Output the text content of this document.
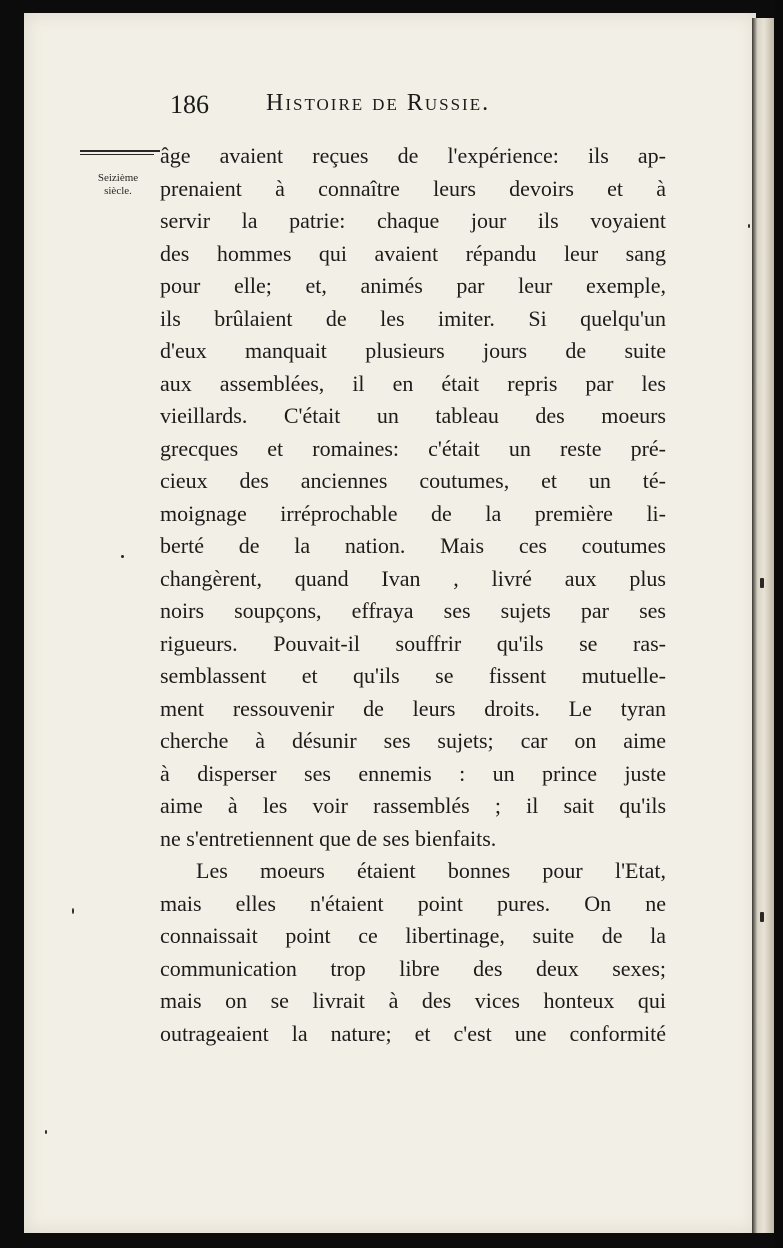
186 Histoire de Russie.
Seizième
siècle.
âge avaient reçues de l'expérience: ils ap-
prenaient à connaître leurs devoirs et à
servir la patrie: chaque jour ils voyaient
des hommes qui avaient répandu leur sang
pour elle; et, animés par leur exemple,
ils brûlaient de les imiter. Si quelqu'un
d'eux manquait plusieurs jours de suite
aux assemblées, il en était repris par les
vieillards. C'était un tableau des moeurs
grecques et romaines: c'était un reste pré-
cieux des anciennes coutumes, et un té-
moignage irréprochable de la première li-
berté de la nation. Mais ces coutumes
changèrent, quand Ivan , livré aux plus
noirs soupçons, effraya ses sujets par ses
rigueurs. Pouvait-il souffrir qu'ils se ras-
semblassent et qu'ils se fissent mutuelle-
ment ressouvenir de leurs droits. Le tyran
cherche à désunir ses sujets; car on aime
à disperser ses ennemis : un prince juste
aime à les voir rassemblés ; il sait qu'ils
ne s'entretiennent que de ses bienfaits.
Les moeurs étaient bonnes pour l'Etat,
mais elles n'étaient point pures. On ne
connaissait point ce libertinage, suite de la
communication trop libre des deux sexes;
mais on se livrait à des vices honteux qui
outrageaient la nature; et c'est une conformité
